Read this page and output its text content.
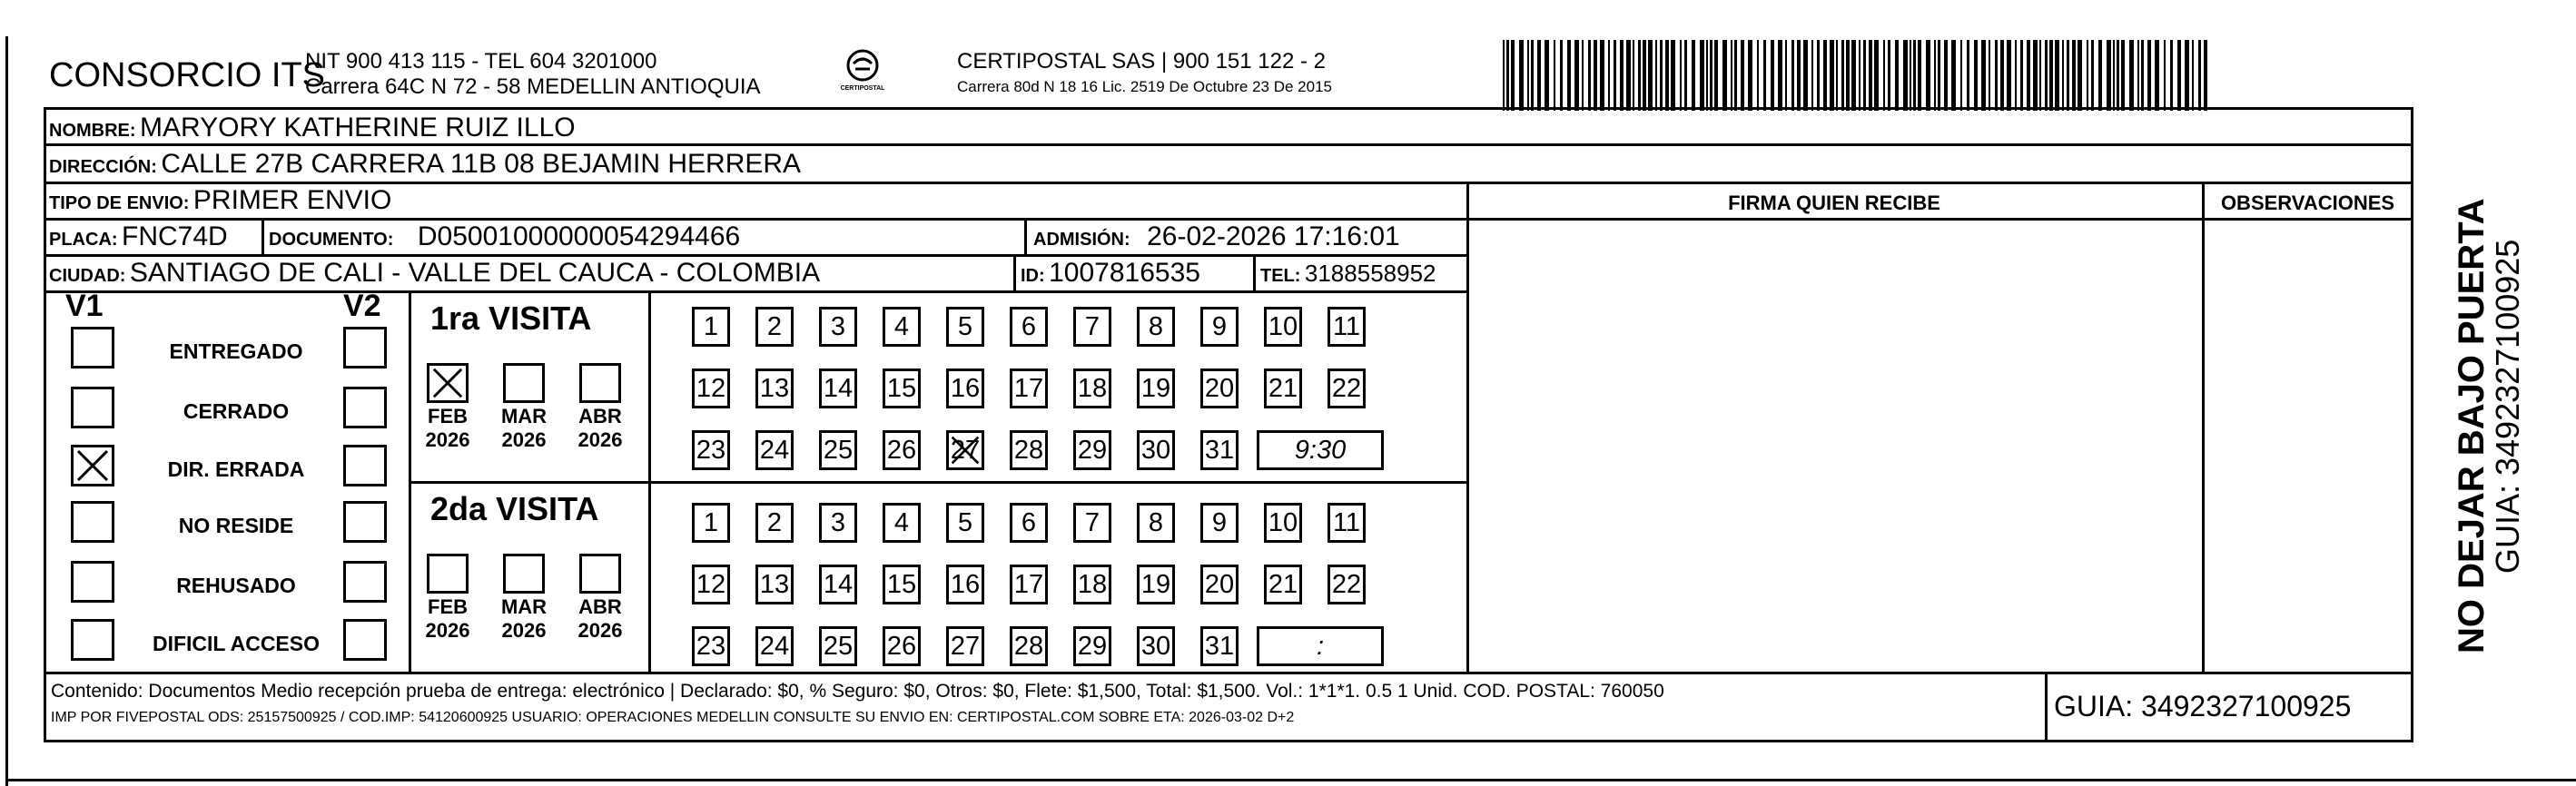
CONSORCIO ITS
NIT 900 413 115 - TEL 604 3201000
Carrera 64C N 72 - 58 MEDELLIN ANTIOQUIA	CERTIPOSTAL
CERTIPOSTAL SAS | 900 151 122 - 2
Carrera 80d N 18 16 Lic. 2519 De Octubre 23 De 2015
NOMBRE: MARYORY KATHERINE RUIZ ILLO
DIRECCIÓN: CALLE 27B CARRERA 11B 08 BEJAMIN HERRERA
TIPO DE ENVIO: PRIMER ENVIO	FIRMA QUIEN RECIBE	OBSERVACIONES
PLACA: FNC74D DOCUMENTO: D05001000000054294466	ADMISIÓN: 26-02-2026 17:16:01
CIUDAD: SANTIAGO DE CALI - VALLE DEL CAUCA - COLOMBIA	ID: 1007816535	TEL: 3188558952
V1	V2
ENTREGADO
CERRADO
DIR. ERRADA
NO RESIDE
REHUSADO
DIFICIL ACCESO
1ra VISITA
FEB
2026
MAR
2026
ABR
2026
1 2 3 4 5 6 7 8 9 10 11
12 13 14 15 16 17 18 19 20 21 22
23 24 25 26 27 28 29 30 31 9:30
2da VISITA
FEB
2026
MAR
2026
ABR
2026
1 2 3 4 5 6 7 8 9 10 11
12 13 14 15 16 17 18 19 20 21 22
23 24 25 26 27 28 29 30 31	:
Contenido: Documentos Medio recepción prueba de entrega: electrónico | Declarado: $0, % Seguro: $0, Otros: $0, Flete: $1,500, Total: $1,500. Vol.: 1*1*1. 0.5 1 Unid. COD. POSTAL: 760050
IMP POR FIVEPOSTAL ODS: 25157500925 / COD.IMP: 54120600925 USUARIO: OPERACIONES MEDELLIN CONSULTE SU ENVIO EN: CERTIPOSTAL.COM SOBRE ETA: 2026-03-02 D+2	GUIA: 3492327100925
NO DEJAR BAJO PUERTA
GUIA: 3492327100925
